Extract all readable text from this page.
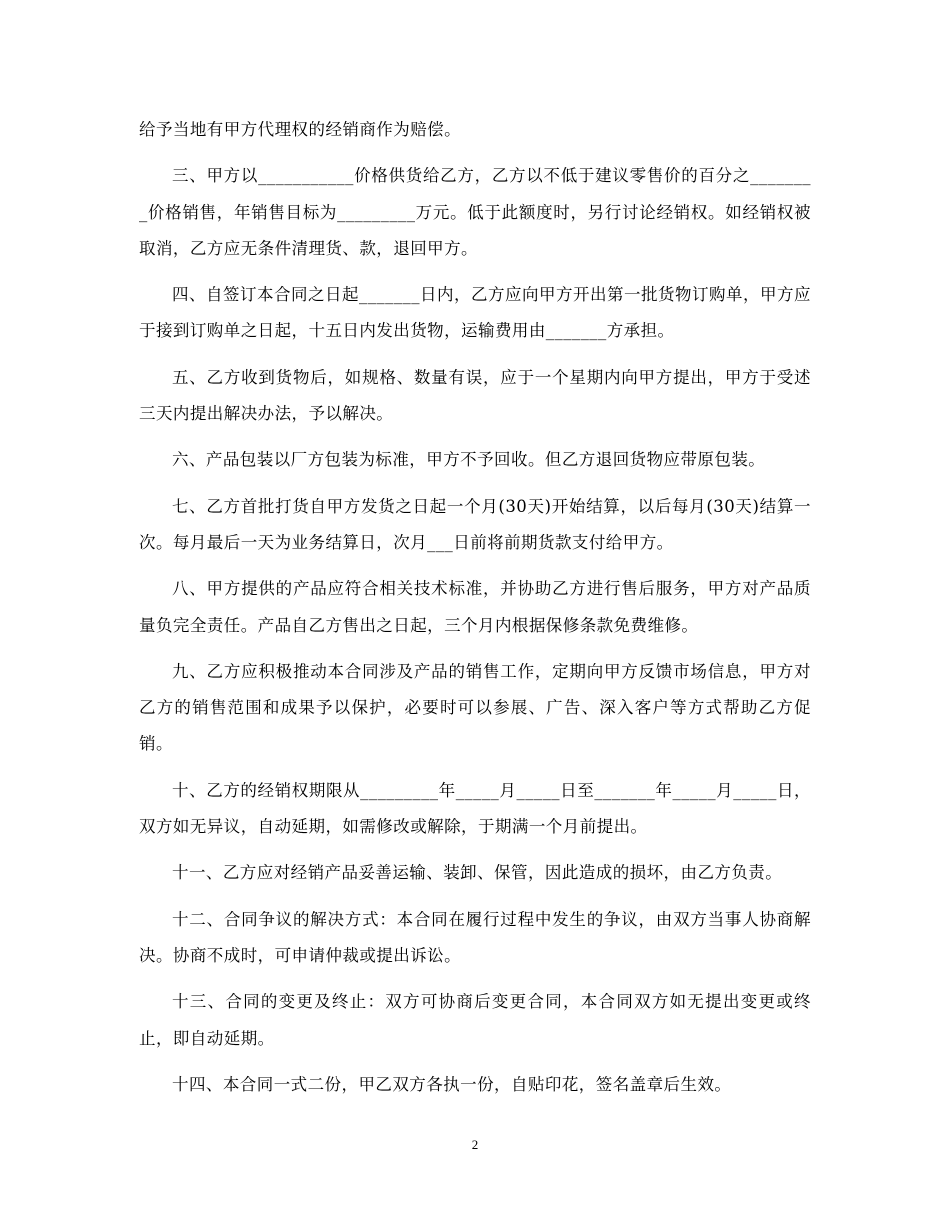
给予当地有甲方代理权的经销商作为赔偿。

三、甲方以___________价格供货给乙方，乙方以不低于建议零售价的百分之________价格销售，年销售目标为_________万元。低于此额度时，另行讨论经销权。如经销权被取消，乙方应无条件清理货、款，退回甲方。

四、自签订本合同之日起_______日内，乙方应向甲方开出第一批货物订购单，甲方应于接到订购单之日起，十五日内发出货物，运输费用由_______方承担。

五、乙方收到货物后，如规格、数量有误，应于一个星期内向甲方提出，甲方于受述三天内提出解决办法，予以解决。

六、产品包装以厂方包装为标准，甲方不予回收。但乙方退回货物应带原包装。

七、乙方首批打货自甲方发货之日起一个月(30天)开始结算，以后每月(30天)结算一次。每月最后一天为业务结算日，次月___日前将前期货款支付给甲方。

八、甲方提供的产品应符合相关技术标准，并协助乙方进行售后服务，甲方对产品质量负完全责任。产品自乙方售出之日起，三个月内根据保修条款免费维修。

九、乙方应积极推动本合同涉及产品的销售工作，定期向甲方反馈市场信息，甲方对乙方的销售范围和成果予以保护，必要时可以参展、广告、深入客户等方式帮助乙方促销。

十、乙方的经销权期限从_________年_____月_____日至_______年_____月_____日，双方如无异议，自动延期，如需修改或解除，于期满一个月前提出。

十一、乙方应对经销产品妥善运输、装卸、保管，因此造成的损坏，由乙方负责。

十二、合同争议的解决方式：本合同在履行过程中发生的争议，由双方当事人协商解决。协商不成时，可申请仲裁或提出诉讼。

十三、合同的变更及终止：双方可协商后变更合同，本合同双方如无提出变更或终止，即自动延期。

十四、本合同一式二份，甲乙双方各执一份，自贴印花，签名盖章后生效。

2
